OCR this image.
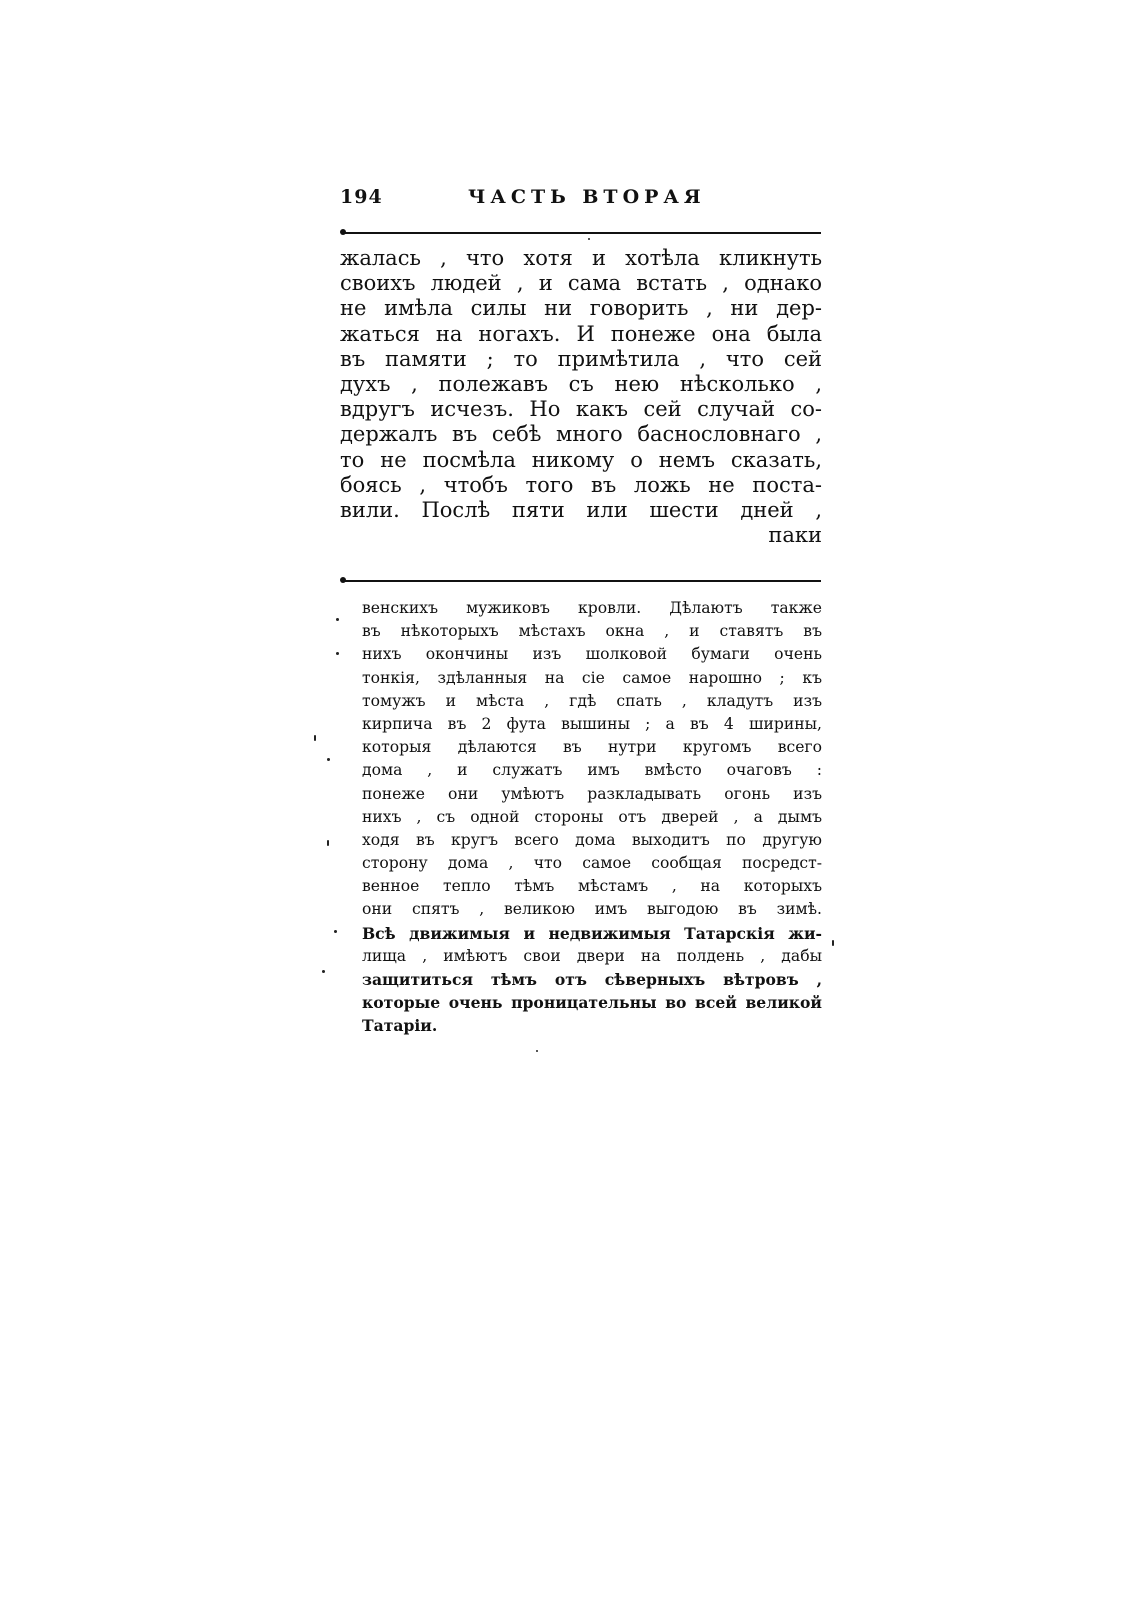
194	ЧАСТЬ ВТОРАЯ
жалась , что хотя и хотѣла кликнуть
своихъ людей , и сама встать , однако
не имѣла силы ни говорить , ни дер-
жаться на ногахъ. И понеже она была
въ памяти ; то примѣтила , что сей
духъ , полежавъ съ нею нѣсколько ,
вдругъ исчезъ. Но какъ сей случай со-
держалъ въ себѣ много баснословнаго ,
то не посмѣла никому о немъ сказать,
боясь , чтобъ того въ ложь не поста-
вили. Послѣ пяти или шести дней ,
паки
венскихъ мужиковъ кровли. Дѣлаютъ также
въ нѣкоторыхъ мѣстахъ окна , и ставятъ въ
нихъ окончины изъ шолковой бумаги очень
тонкія, здѣланныя на сіе самое нарошно ; къ
томужъ и мѣста , гдѣ спать , кладутъ изъ
кирпича въ 2 фута вышины ; а въ 4 ширины,
которыя дѣлаются въ нутри кругомъ всего
дома , и служатъ имъ вмѣсто очаговъ :
понеже они умѣютъ разкладывать огонь изъ
нихъ , съ одной стороны отъ дверей , а дымъ
ходя въ кругъ всего дома выходитъ по другую
сторону дома , что самое сообщая посредст-
венное тепло тѣмъ мѣстамъ , на которыхъ
они спятъ , великою имъ выгодою въ зимѣ.
Всѣ движимыя и недвижимыя Татарскія жи-
лища , имѣютъ свои двери на полдень , дабы
защититься тѣмъ отъ сѣверныхъ вѣтровъ ,
которые очень проницательны во всей великой
Татаріи.
